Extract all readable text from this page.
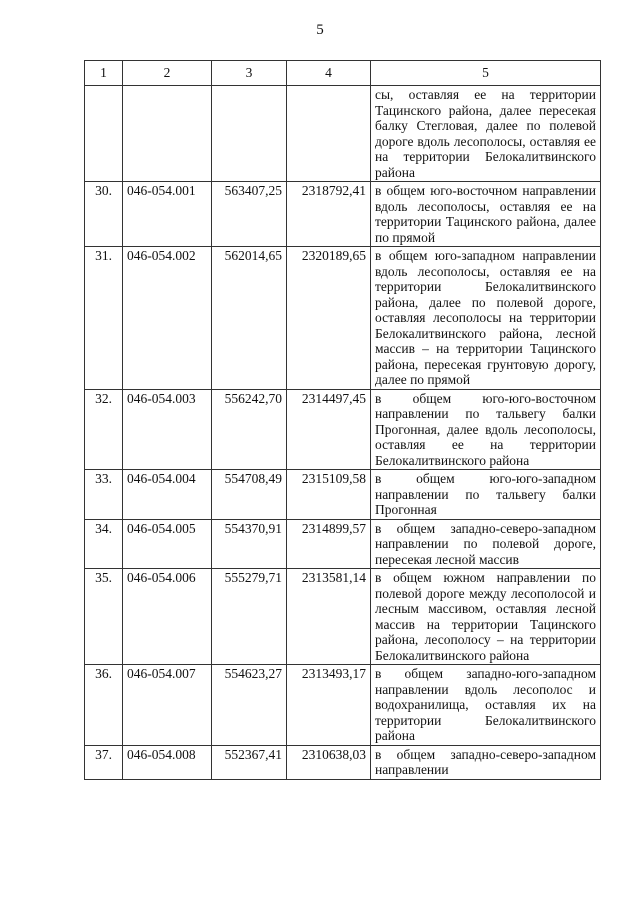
5
1	2	3	4	5
				сы, оставляя ее на территории Тацинского района, далее пересекая балку Стегловая, далее по полевой дороге вдоль лесополосы, оставляя ее на территории Белокалитвинского района
30.	046-054.001	563407,25	2318792,41	в общем юго-восточном направлении вдоль лесополосы, оставляя ее на территории Тацинского района, далее по прямой
31.	046-054.002	562014,65	2320189,65	в общем юго-западном направлении вдоль лесополосы, оставляя ее на территории Белокалитвинского района, далее по полевой дороге, оставляя лесополосы на территории Белокалитвинского района, лесной массив – на территории Тацинского района, пересекая грунтовую дорогу, далее по прямой
32.	046-054.003	556242,70	2314497,45	в общем юго-юго-восточном направлении по тальвегу балки Прогонная, далее вдоль лесополосы, оставляя ее на территории Белокалитвинского района
33.	046-054.004	554708,49	2315109,58	в общем юго-юго-западном направлении по тальвегу балки Прогонная
34.	046-054.005	554370,91	2314899,57	в общем западно-северо-западном направлении по полевой дороге, пересекая лесной массив
35.	046-054.006	555279,71	2313581,14	в общем южном направлении по полевой дороге между лесополосой и лесным массивом, оставляя лесной массив на территории Тацинского района, лесополосу – на территории Белокалитвинского района
36.	046-054.007	554623,27	2313493,17	в общем западно-юго-западном направлении вдоль лесополос и водохранилища, оставляя их на территории Белокалитвинского района
37.	046-054.008	552367,41	2310638,03	в общем западно-северо-западном направлении
